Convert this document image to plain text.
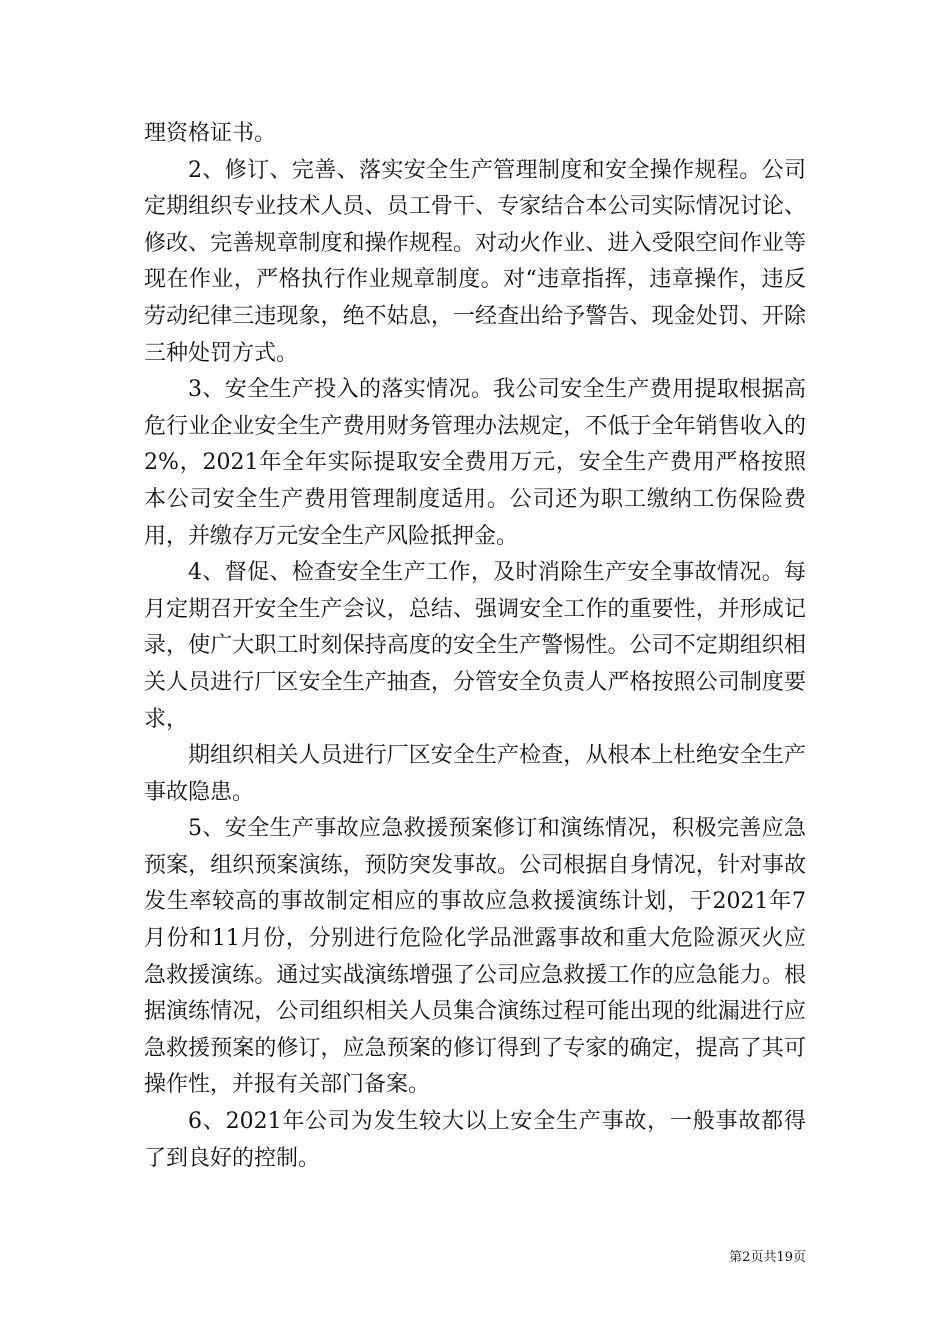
理资格证书。

2、修订、完善、落实安全生产管理制度和安全操作规程。公司定期组织专业技术人员、员工骨干、专家结合本公司实际情况讨论、修改、完善规章制度和操作规程。对动火作业、进入受限空间作业等现在作业，严格执行作业规章制度。对“违章指挥，违章操作，违反劳动纪律三违现象，绝不姑息，一经查出给予警告、现金处罚、开除三种处罚方式。

3、安全生产投入的落实情况。我公司安全生产费用提取根据高危行业企业安全生产费用财务管理办法规定，不低于全年销售收入的2%，2021年全年实际提取安全费用万元，安全生产费用严格按照本公司安全生产费用管理制度适用。公司还为职工缴纳工伤保险费用，并缴存万元安全生产风险抵押金。

4、督促、检查安全生产工作，及时消除生产安全事故情况。每月定期召开安全生产会议，总结、强调安全工作的重要性，并形成记录，使广大职工时刻保持高度的安全生产警惕性。公司不定期组织相关人员进行厂区安全生产抽查，分管安全负责人严格按照公司制度要求，

期组织相关人员进行厂区安全生产检查，从根本上杜绝安全生产事故隐患。

5、安全生产事故应急救援预案修订和演练情况，积极完善应急预案，组织预案演练，预防突发事故。公司根据自身情况，针对事故发生率较高的事故制定相应的事故应急救援演练计划，于2021年7月份和11月份，分别进行危险化学品泄露事故和重大危险源灭火应急救援演练。通过实战演练增强了公司应急救援工作的应急能力。根据演练情况，公司组织相关人员集合演练过程可能出现的纰漏进行应急救援预案的修订，应急预案的修订得到了专家的确定，提高了其可操作性，并报有关部门备案。

6、2021年公司为发生较大以上安全生产事故，一般事故都得了到良好的控制。

第2页共19页
